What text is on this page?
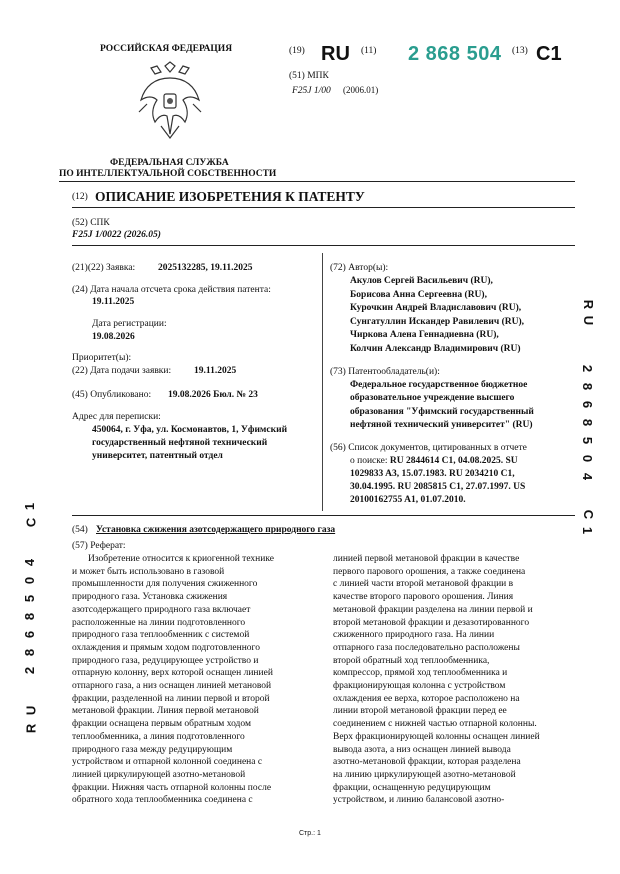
РОССИЙСКАЯ ФЕДЕРАЦИЯ	(19) RU (11) 2 868 504 (13) C1
(51) МПК
F25J 1/00 (2006.01)
ФЕДЕРАЛЬНАЯ СЛУЖБА
ПО ИНТЕЛЛЕКТУАЛЬНОЙ СОБСТВЕННОСТИ
(12) ОПИСАНИЕ ИЗОБРЕТЕНИЯ К ПАТЕНТУ
(52) СПК
F25J 1/0022 (2026.05)
(21)(22) Заявка: 2025132285, 19.11.2025
(24) Дата начала отсчета срока действия патента:
19.11.2025
Дата регистрации:
19.08.2026
Приоритет(ы):
(22) Дата подачи заявки: 19.11.2025
(45) Опубликовано: 19.08.2026 Бюл. № 23
Адрес для переписки:
450064, г. Уфа, ул. Космонавтов, 1, Уфимский
государственный нефтяной технический
университет, патентный отдел
(72) Автор(ы):
Акулов Сергей Васильевич (RU),
Борисова Анна Сергеевна (RU),
Курочкин Андрей Владиславович (RU),
Сунгатуллин Искандер Равилевич (RU),
Чиркова Алена Геннадиевна (RU),
Колчин Александр Владимирович (RU)
(73) Патентообладатель(и):
Федеральное государственное бюджетное
образовательное учреждение высшего
образования "Уфимский государственный
нефтяной технический университет" (RU)
(56) Список документов, цитированных в отчете
о поиске: RU 2844614 C1, 04.08.2025. SU
1029833 A3, 15.07.1983. RU 2034210 C1,
30.04.1995. RU 2085815 C1, 27.07.1997. US
20100162755 A1, 01.07.2010.
(54) Установка сжижения азотсодержащего природного газа
(57) Реферат:
Изобретение относится к криогенной технике
и может быть использовано в газовой
промышленности для получения сжиженного
природного газа. Установка сжижения
азотсодержащего природного газа включает
расположенные на линии подготовленного
природного газа теплообменник с системой
охлаждения и прямым ходом подготовленного
природного газа, редуцирующее устройство и
отпарную колонну, верх которой оснащен линией
отпарного газа, а низ оснащен линией метановой
фракции, разделенной на линии первой и второй
метановой фракции. Линия первой метановой
фракции оснащена первым обратным ходом
теплообменника, а линия подготовленного
природного газа между редуцирующим
устройством и отпарной колонной соединена с
линией циркулирующей азотно-метановой
фракции. Нижняя часть отпарной колонны после
обратного хода теплообменника соединена с
линией первой метановой фракции в качестве
первого парового орошения, а также соединена
с линией части второй метановой фракции в
качестве второго парового орошения. Линия
метановой фракции разделена на линии первой и
второй метановой фракции и дезазотированного
сжиженного природного газа. На линии
отпарного газа последовательно расположены
второй обратный ход теплообменника,
компрессор, прямой ход теплообменника и
фракционирующая колонна с устройством
охлаждения ее верха, которое расположено на
линии второй метановой фракции перед ее
соединением с нижней частью отпарной колонны.
Верх фракционирующей колонны оснащен линией
вывода азота, а низ оснащен линией вывода
азотно-метановой фракции, которая разделена
на линию циркулирующей азотно-метановой
фракции, оснащенную редуцирующим
устройством, и линию балансовой азотно-
Стр.: 1
R
U
2
8
6
8
5
0
4
C
1
1
C
4
0
5
8
6
8
2
U
R
